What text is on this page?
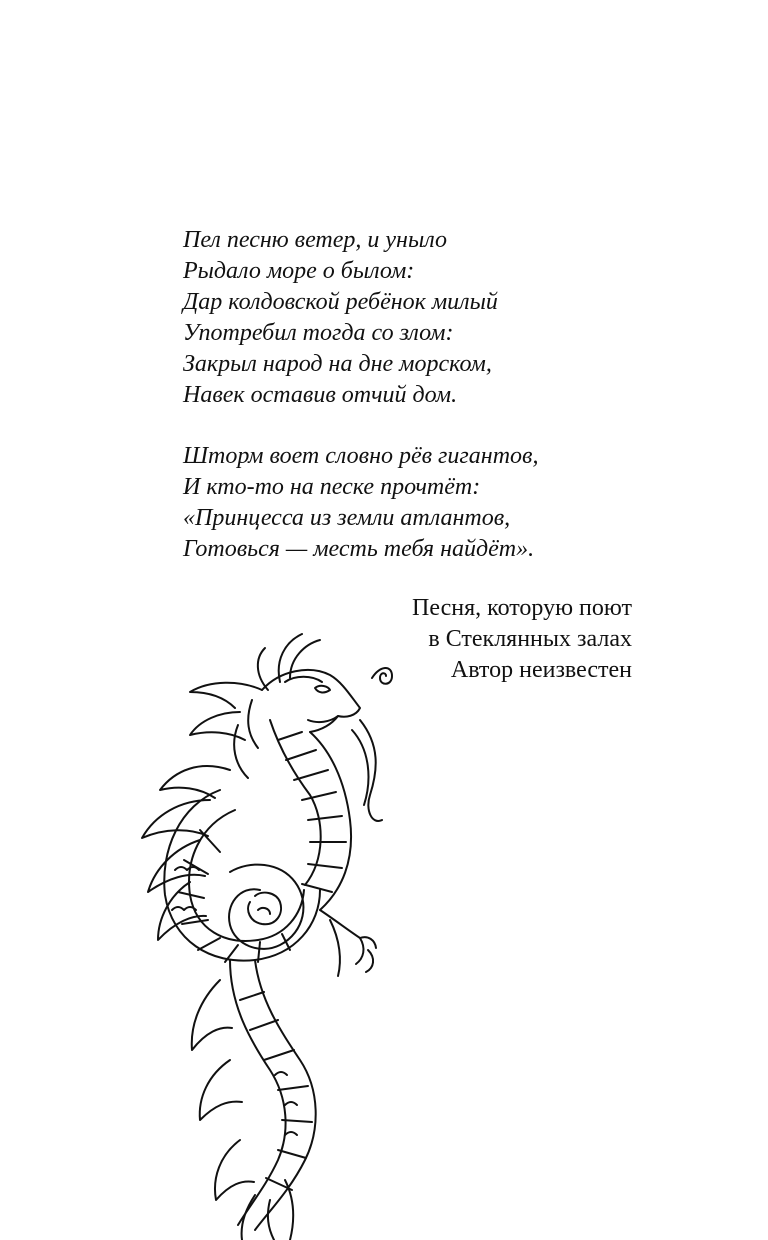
Пел песню ветер, и уныло
Рыдало море о былом:
Дар колдовской ребёнок милый
Употребил тогда со злом:
Закрыл народ на дне морском,
Навек оставив отчий дом.
Шторм воет словно рёв гигантов,
И кто-то на песке прочтёт:
«Принцесса из земли атлантов,
Готовься — месть тебя найдёт».
Песня, которую поют
в Стеклянных залах
Автор неизвестен
